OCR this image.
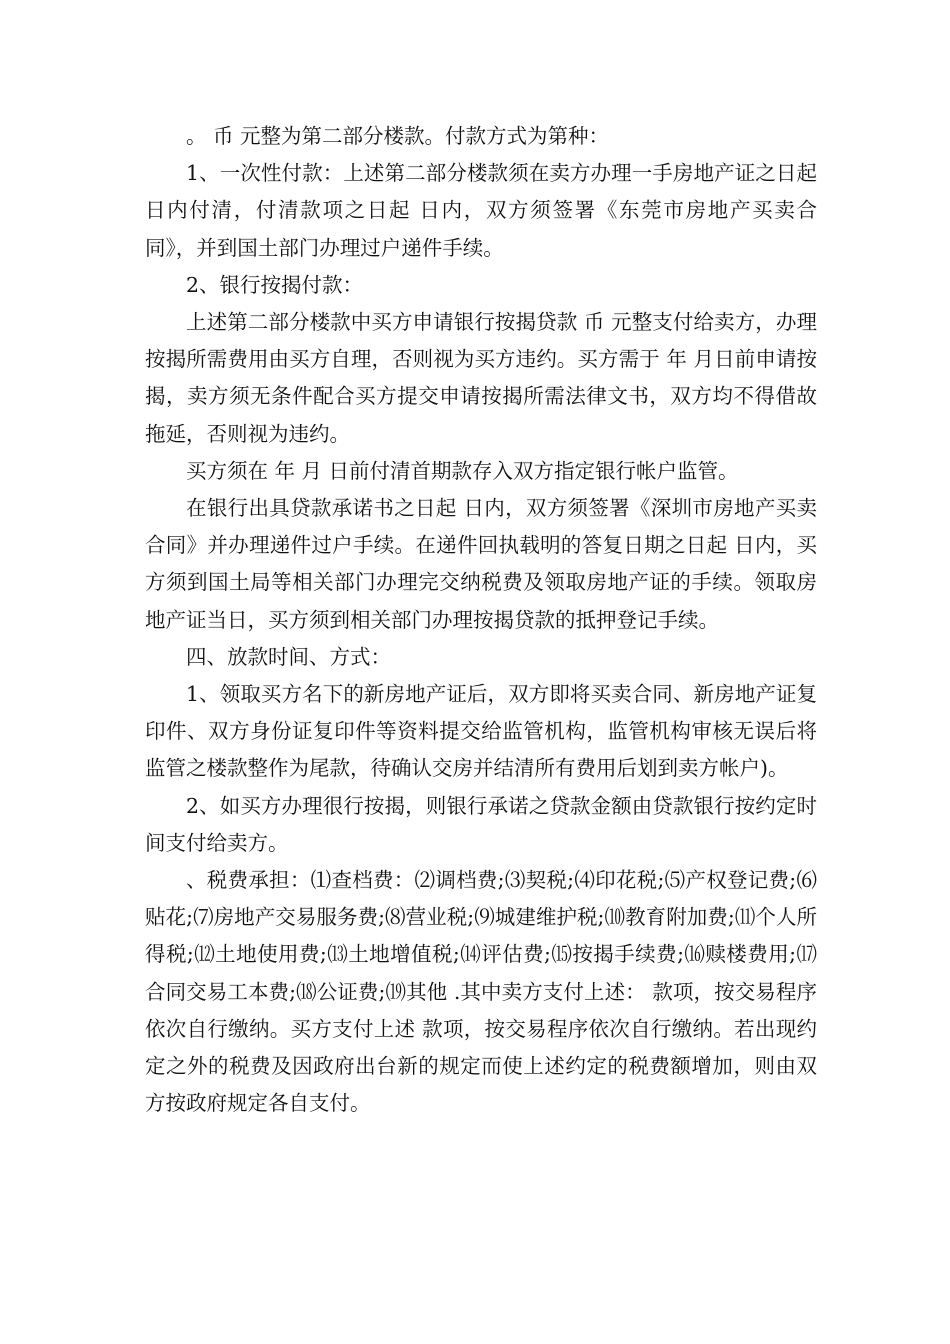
。 币 元整为第二部分楼款。付款方式为第种：

1、一次性付款：上述第二部分楼款须在卖方办理一手房地产证之日起 日内付清，付清款项之日起 日内，双方须签署《东莞市房地产买卖合同》，并到国土部门办理过户递件手续。

2、银行按揭付款：

上述第二部分楼款中买方申请银行按揭贷款 币 元整支付给卖方，办理按揭所需费用由买方自理，否则视为买方违约。买方需于 年 月日前申请按揭，卖方须无条件配合买方提交申请按揭所需法律文书，双方均不得借故拖延，否则视为违约。

买方须在 年 月 日前付清首期款存入双方指定银行帐户监管。

在银行出具贷款承诺书之日起 日内，双方须签署《深圳市房地产买卖合同》并办理递件过户手续。在递件回执载明的答复日期之日起 日内，买方须到国土局等相关部门办理完交纳税费及领取房地产证的手续。领取房地产证当日，买方须到相关部门办理按揭贷款的抵押登记手续。

四、放款时间、方式：

1、领取买方名下的新房地产证后，双方即将买卖合同、新房地产证复印件、双方身份证复印件等资料提交给监管机构，监管机构审核无误后将监管之楼款整作为尾款，待确认交房并结清所有费用后划到卖方帐户)。

2、如买方办理很行按揭，则银行承诺之贷款金额由贷款银行按约定时间支付给卖方。

、税费承担：⑴查档费：⑵调档费;⑶契税;⑷印花税;⑸产权登记费;⑹贴花;⑺房地产交易服务费;⑻营业税;⑼城建维护税;⑽教育附加费;⑾个人所得税;⑿土地使用费;⒀土地增值税;⒁评估费;⒂按揭手续费;⒃赎楼费用;⒄合同交易工本费;⒅公证费;⒆其他 .其中卖方支付上述： 款项，按交易程序依次自行缴纳。买方支付上述 款项，按交易程序依次自行缴纳。若出现约定之外的税费及因政府出台新的规定而使上述约定的税费额增加，则由双方按政府规定各自支付。
